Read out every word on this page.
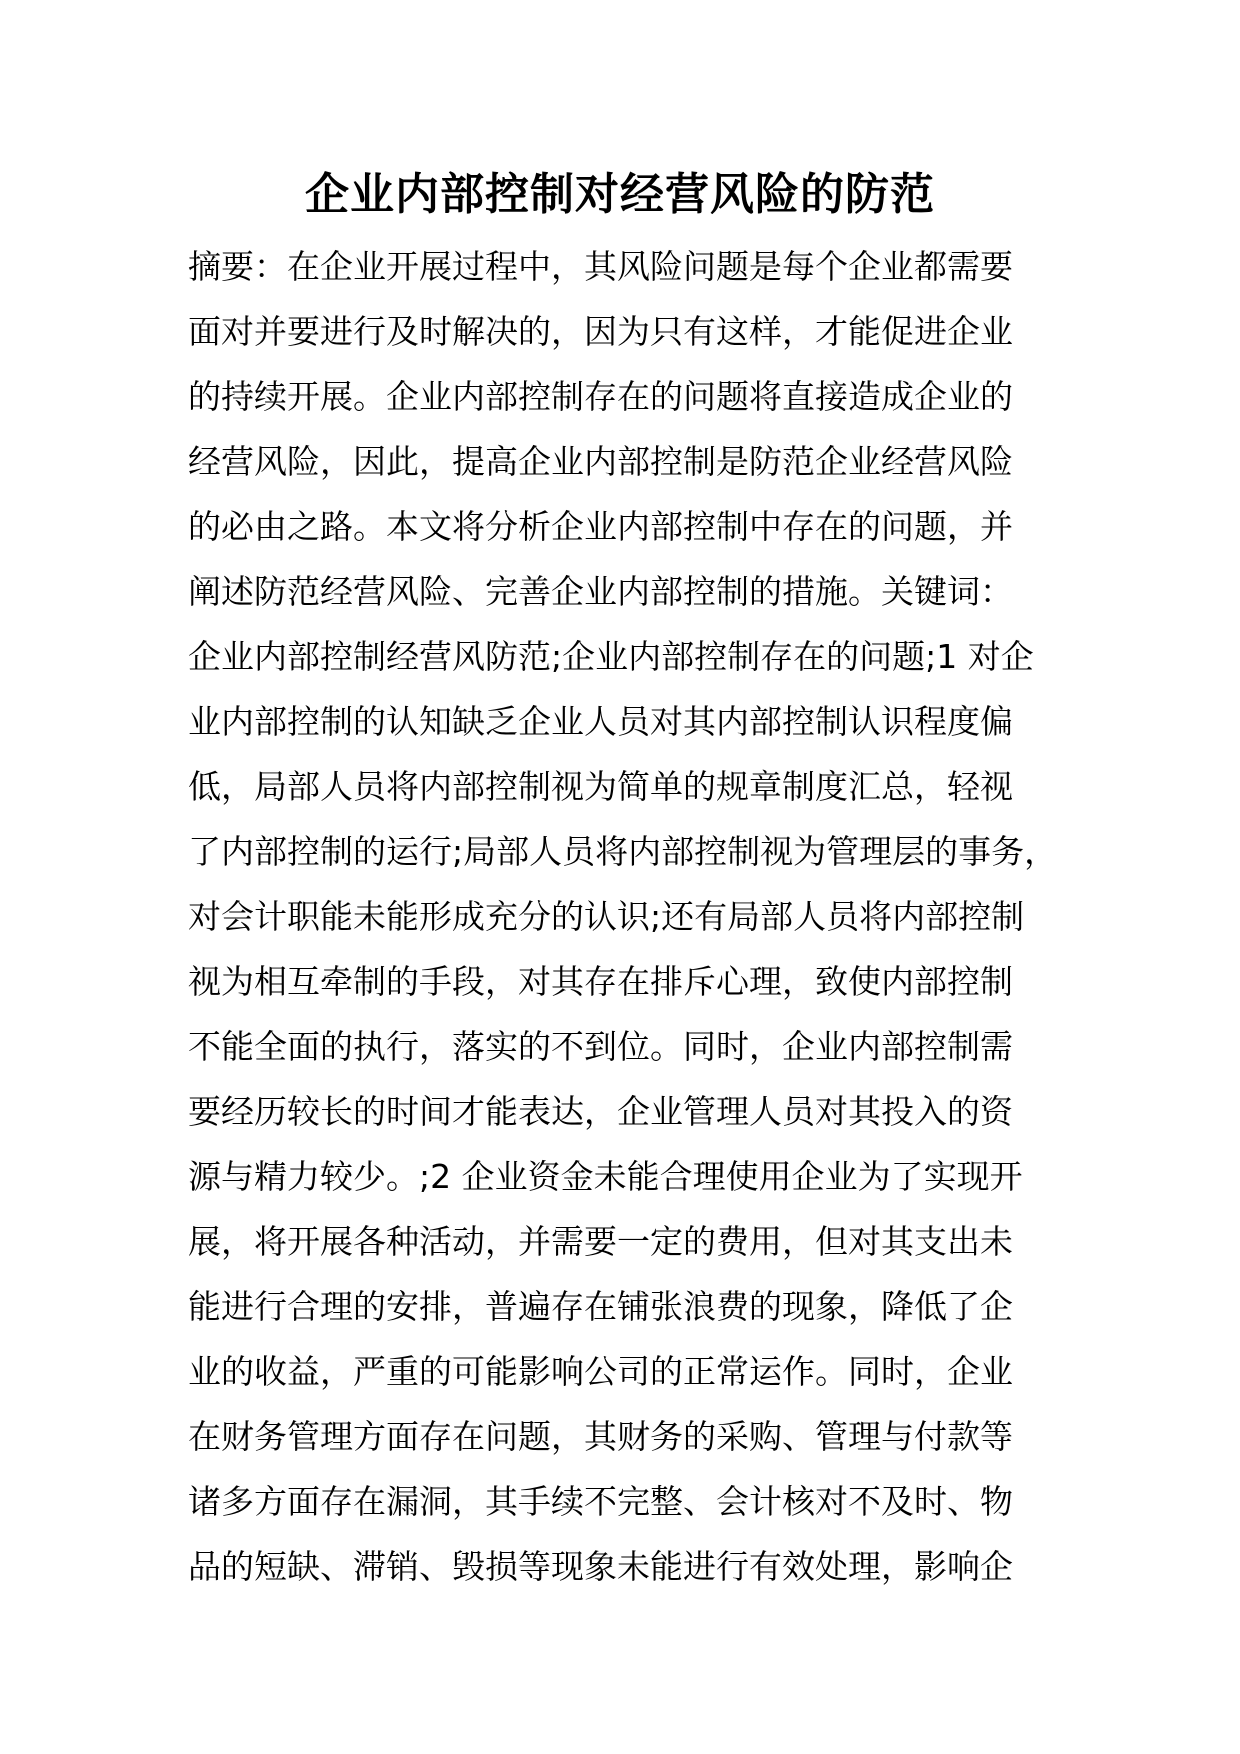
企业内部控制对经营风险的防范
摘要：在企业开展过程中，其风险问题是每个企业都需要
面对并要进行及时解决的，因为只有这样，才能促进企业
的持续开展。企业内部控制存在的问题将直接造成企业的
经营风险，因此，提高企业内部控制是防范企业经营风险
的必由之路。本文将分析企业内部控制中存在的问题，并
阐述防范经营风险、完善企业内部控制的措施。关键词：
企业内部控制经营风防范;企业内部控制存在的问题;1 对企
业内部控制的认知缺乏企业人员对其内部控制认识程度偏
低，局部人员将内部控制视为简单的规章制度汇总，轻视
了内部控制的运行;局部人员将内部控制视为管理层的事务，
对会计职能未能形成充分的认识;还有局部人员将内部控制
视为相互牵制的手段，对其存在排斥心理，致使内部控制
不能全面的执行，落实的不到位。同时，企业内部控制需
要经历较长的时间才能表达，企业管理人员对其投入的资
源与精力较少。;2 企业资金未能合理使用企业为了实现开
展，将开展各种活动，并需要一定的费用，但对其支出未
能进行合理的安排，普遍存在铺张浪费的现象，降低了企
业的收益，严重的可能影响公司的正常运作。同时，企业
在财务管理方面存在问题，其财务的采购、管理与付款等
诸多方面存在漏洞，其手续不完整、会计核对不及时、物
品的短缺、滞销、毁损等现象未能进行有效处理，影响企
